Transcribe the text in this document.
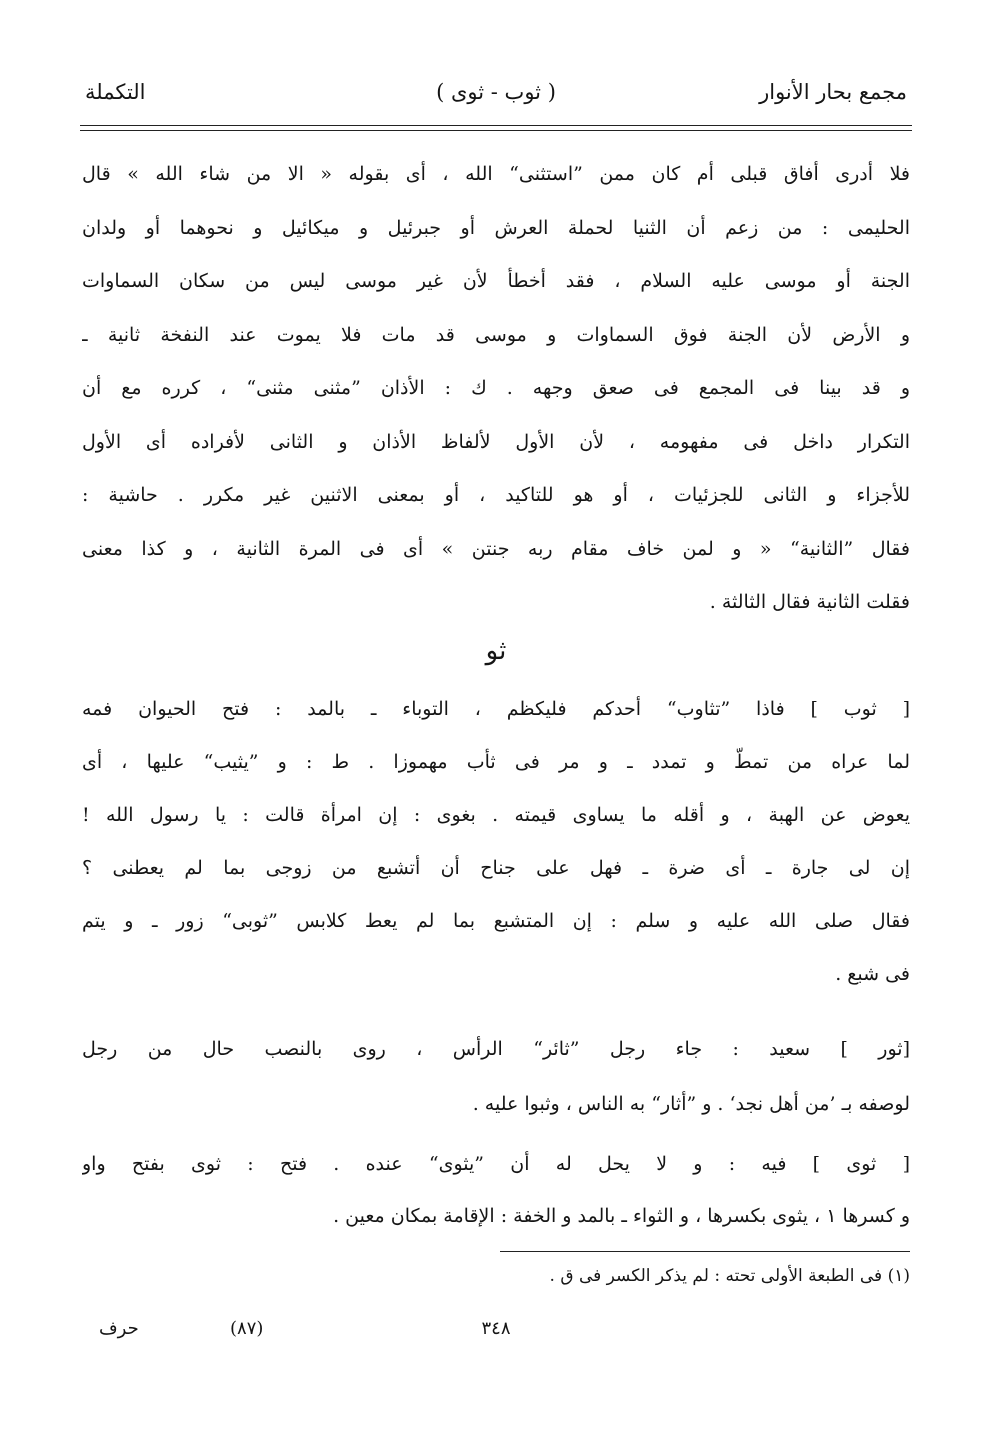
مجمع بحار الأنوار
( ثوب - ثوى )
التكملة
فلا أدرى أفاق قبلى أم كان ممن ”استثنى“ الله ، أى بقوله « الا من شاء الله » قال
الحليمى : من زعم أن الثنيا لحملة العرش أو جبرئيل و ميكائيل و نحوهما أو ولدان
الجنة أو موسى عليه السلام ، فقد أخطأ لأن غير موسى ليس من سكان السماوات
و الأرض لأن الجنة فوق السماوات و موسى قد مات فلا يموت عند النفخة ثانية ـ
و قد بينا فى المجمع فى صعق وجهه . ك : الأذان ”مثنى مثنى“ ، كرره مع أن
التكرار داخل فى مفهومه ، لأن الأول لألفاظ الأذان و الثانى لأفراده أى الأول
للأجزاء و الثانى للجزئيات ، أو هو للتاكيد ، أو بمعنى الاثنين غير مكرر . حاشية :
فقال ”الثانية“ « و لمن خاف مقام ربه جنتن » أى فى المرة الثانية ، و كذا معنى
فقلت الثانية فقال الثالثة .
ثو
[ ثوب ] فاذا ”تثاوب“ أحدكم فليكظم ، التوباء ـ بالمد : فتح الحيوان فمه
لما عراه من تمطّ و تمدد ـ و مر فى ثأب مهموزا . ط : و ”يثيب“ عليها ، أى
يعوض عن الهبة ، و أقله ما يساوى قيمته . بغوى : إن امرأة قالت : يا رسول الله !
إن لى جارة ـ أى ضرة ـ فهل على جناح أن أتشبع من زوجى بما لم يعطنى ؟
فقال صلى الله عليه و سلم : إن المتشبع بما لم يعط كلابس ”ثوبى“ زور ـ و يتم
فى شبع .
[ثور ] سعيد : جاء رجل ”ثائر“ الرأس ، روى بالنصب حال من رجل
لوصفه بـ ’من أهل نجد‘ . و ”أثار“ به الناس ، وثبوا عليه .
[ ثوى ] فيه : و لا يحل له أن ”يثوى“ عنده . فتح : ثوى بفتح واو
و كسرها ١ ، يثوى بكسرها ، و الثواء ـ بالمد و الخفة : الإقامة بمكان معين .
(١) فى الطبعة الأولى تحته : لم يذكر الكسر فى ق .
حرف	(٨٧)	٣٤٨
